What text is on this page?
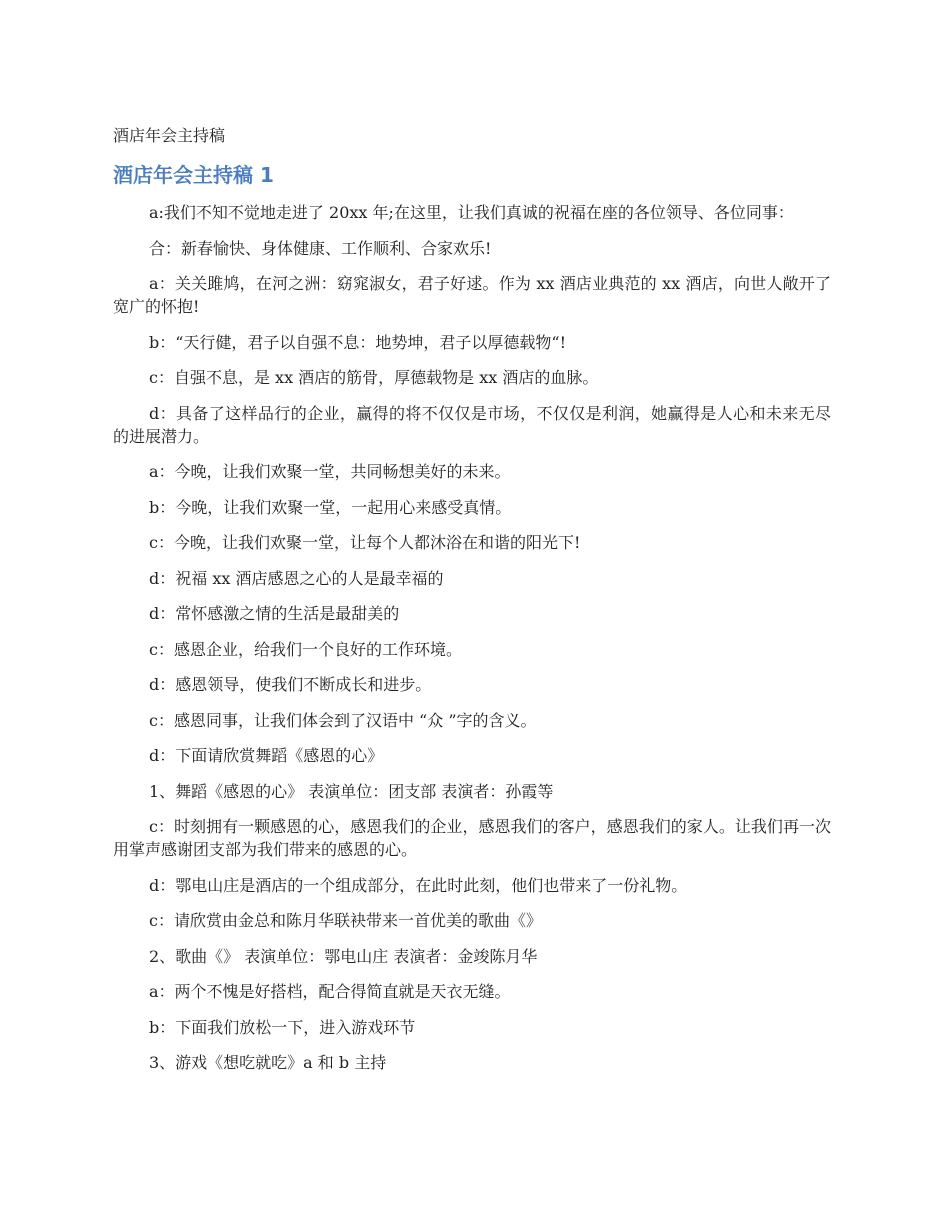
酒店年会主持稿
酒店年会主持稿 1

a:我们不知不觉地走进了 20xx 年;在这里，让我们真诚的祝福在座的各位领导、各位同事：

合：新春愉快、身体健康、工作顺利、合家欢乐!

a：关关雎鸠，在河之洲：窈窕淑女，君子好逑。作为 xx 酒店业典范的 xx 酒店，向世人敞开了宽广的怀抱!

b：“天行健，君子以自强不息：地势坤，君子以厚德载物“!

c：自强不息，是 xx 酒店的筋骨，厚德载物是 xx 酒店的血脉。

d：具备了这样品行的企业，赢得的将不仅仅是市场，不仅仅是利润，她赢得是人心和未来无尽的进展潜力。

a：今晚，让我们欢聚一堂，共同畅想美好的未来。

b：今晚，让我们欢聚一堂，一起用心来感受真情。

c：今晚，让我们欢聚一堂，让每个人都沐浴在和谐的阳光下!

d：祝福 xx 酒店感恩之心的人是最幸福的

d：常怀感激之情的生活是最甜美的

c：感恩企业，给我们一个良好的工作环境。

d：感恩领导，使我们不断成长和进步。

c：感恩同事，让我们体会到了汉语中 “众 ”字的含义。

d：下面请欣赏舞蹈《感恩的心》

1、舞蹈《感恩的心》 表演单位：团支部 表演者：孙霞等

c：时刻拥有一颗感恩的心，感恩我们的企业，感恩我们的客户，感恩我们的家人。让我们再一次用掌声感谢团支部为我们带来的感恩的心。

d：鄂电山庄是酒店的一个组成部分，在此时此刻，他们也带来了一份礼物。

c：请欣赏由金总和陈月华联袂带来一首优美的歌曲《》

2、歌曲《》 表演单位：鄂电山庄 表演者：金竣陈月华

a：两个不愧是好搭档，配合得简直就是天衣无缝。

b：下面我们放松一下，进入游戏环节

3、游戏《想吃就吃》a 和 b 主持
